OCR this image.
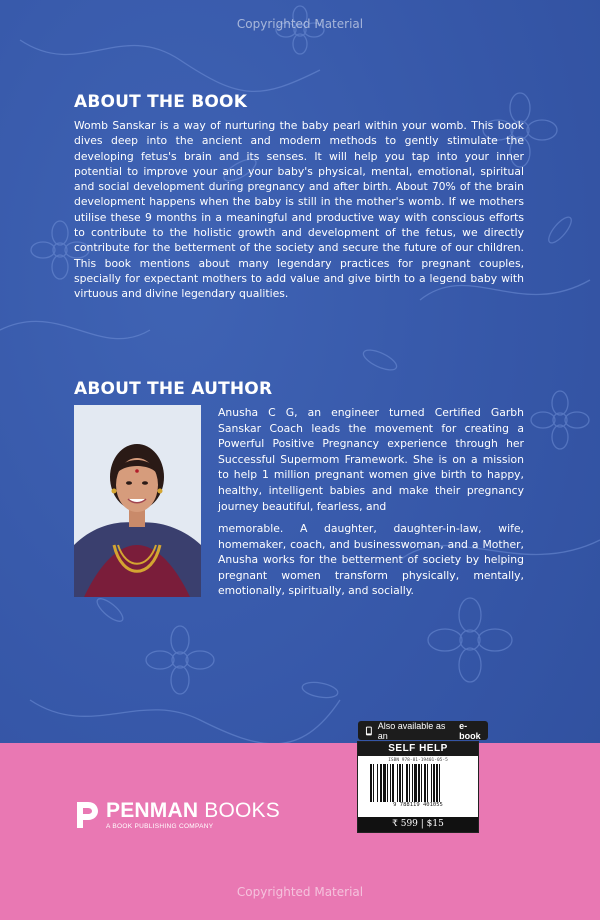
Copyrighted Material
ABOUT THE BOOK

Womb Sanskar is a way of nurturing the baby pearl within your womb. This book dives deep into the ancient and modern methods to gently stimulate the developing fetus's brain and its senses. It will help you tap into your inner potential to improve your and your baby's physical, mental, emotional, spiritual and social development during pregnancy and after birth. About 70% of the brain development happens when the baby is still in the mother's womb. If we mothers utilise these 9 months in a meaningful and productive way with conscious efforts to contribute to the holistic growth and development of the fetus, we directly contribute for the betterment of the society and secure the future of our children. This book mentions about many legendary practices for pregnant couples, specially for expectant mothers to add value and give birth to a legend baby with virtuous and divine legendary qualities.

ABOUT THE AUTHOR

Anusha C G, an engineer turned Certified Garbh Sanskar Coach leads the movement for creating a Powerful Positive Pregnancy experience through her Successful Supermom Framework. She is on a mission to help 1 million pregnant women give birth to happy, healthy, intelligent babies and make their pregnancy journey beautiful, fearless, and

memorable. A daughter, daughter-in-law, wife, homemaker, coach, and businesswoman, and a Mother, Anusha works for the betterment of society by helping pregnant women transform physically, mentally, emotionally, spiritually, and socially.

PENMAN BOOKS
A BOOK PUBLISHING COMPANY
Also available as an
e-book
SELF HELP
ISBN 978-81-19401-05-5
9 788119 401055
₹ 599 | $15
Copyrighted Material
